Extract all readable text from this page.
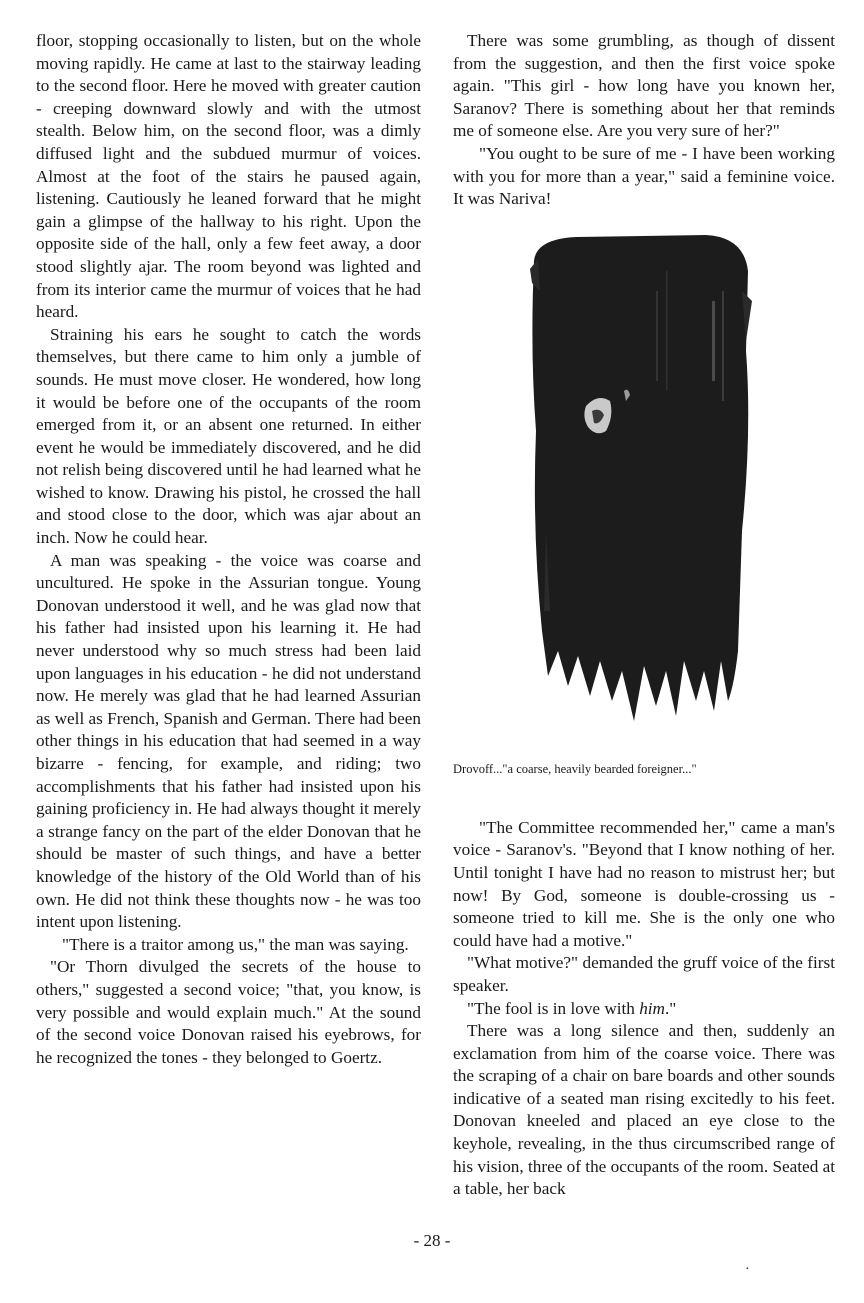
floor, stopping occasionally to listen, but on the whole moving rapidly. He came at last to the stairway leading to the second floor. Here he moved with greater caution - creeping downward slowly and with the utmost stealth. Below him, on the second floor, was a dimly diffused light and the subdued murmur of voices. Almost at the foot of the stairs he paused again, listening. Cautiously he leaned forward that he might gain a glimpse of the hallway to his right. Upon the opposite side of the hall, only a few feet away, a door stood slightly ajar. The room beyond was lighted and from its interior came the murmur of voices that he had heard.

Straining his ears he sought to catch the words themselves, but there came to him only a jumble of sounds. He must move closer. He wondered, how long it would be before one of the occupants of the room emerged from it, or an absent one returned. In either event he would be immediately discovered, and he did not relish being discovered until he had learned what he wished to know. Drawing his pistol, he crossed the hall and stood close to the door, which was ajar about an inch. Now he could hear.

A man was speaking - the voice was coarse and uncultured. He spoke in the Assurian tongue. Young Donovan understood it well, and he was glad now that his father had insisted upon his learning it. He had never understood why so much stress had been laid upon languages in his education - he did not understand now. He merely was glad that he had learned Assurian as well as French, Spanish and German. There had been other things in his education that had seemed in a way bizarre - fencing, for example, and riding; two accomplishments that his father had insisted upon his gaining proficiency in. He had always thought it merely a strange fancy on the part of the elder Donovan that he should be master of such things, and have a better knowledge of the history of the Old World than of his own. He did not think these thoughts now - he was too intent upon listening.

"There is a traitor among us," the man was saying.

"Or Thorn divulged the secrets of the house to others," suggested a second voice; "that, you know, is very possible and would explain much." At the sound of the second voice Donovan raised his eyebrows, for he recognized the tones - they belonged to Goertz.

There was some grumbling, as though of dissent from the suggestion, and then the first voice spoke again. "This girl - how long have you known her, Saranov? There is something about her that reminds me of someone else. Are you very sure of her?"

"You ought to be sure of me - I have been working with you for more than a year," said a feminine voice. It was Nariva!

Drovoff..."a coarse, heavily bearded foreigner..."

"The Committee recommended her," came a man's voice - Saranov's. "Beyond that I know nothing of her. Until tonight I have had no reason to mistrust her; but now! By God, someone is double-crossing us - someone tried to kill me. She is the only one who could have had a motive."

"What motive?" demanded the gruff voice of the first speaker.

"The fool is in love with him."

There was a long silence and then, suddenly an exclamation from him of the coarse voice. There was the scraping of a chair on bare boards and other sounds indicative of a seated man rising excitedly to his feet. Donovan kneeled and placed an eye close to the keyhole, revealing, in the thus circumscribed range of his vision, three of the occupants of the room. Seated at a table, her back

- 28 -
·
